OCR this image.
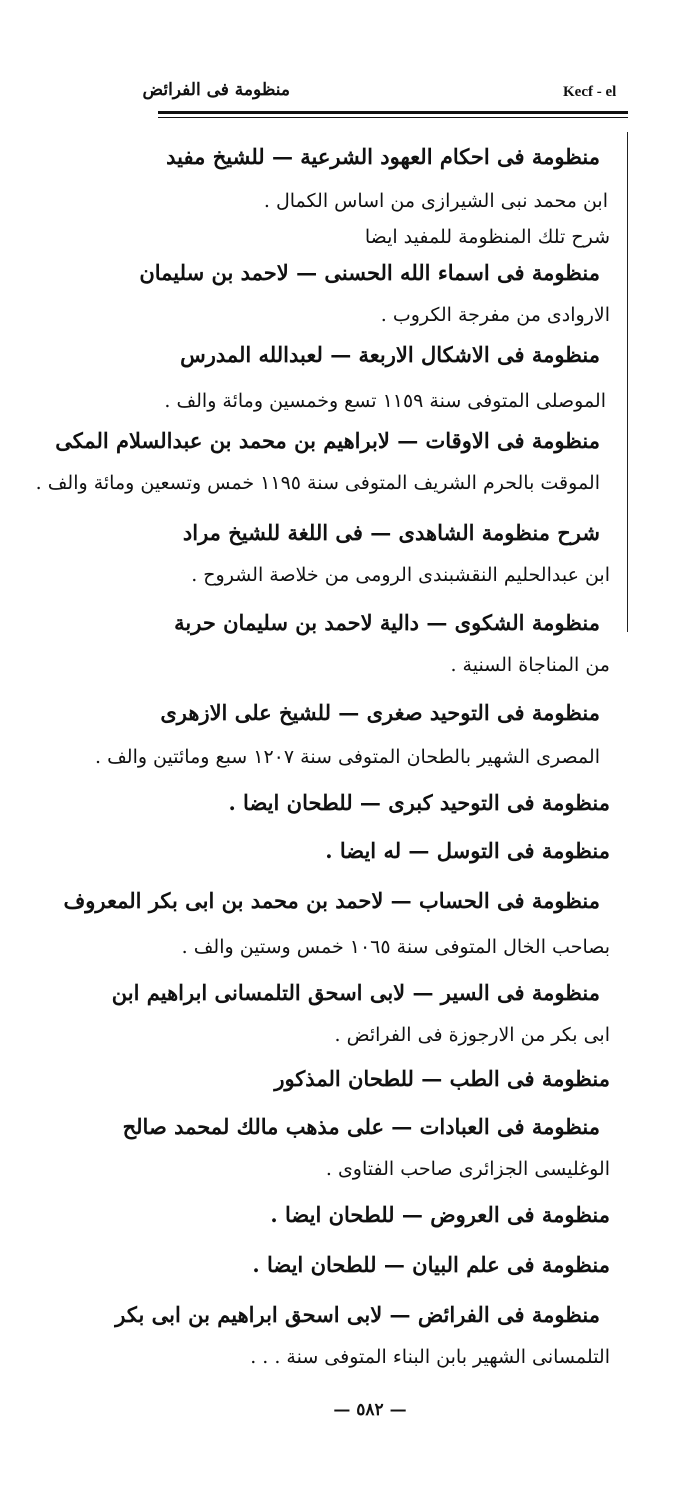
Kecf - el
منظومة فى الفرائض
منظومة فى احكام العهود الشرعية — للشيخ مفيد
ابن محمد نبى الشيرازى من اساس الكمال .
شرح تلك المنظومة للمفيد ايضا
منظومة فى اسماء الله الحسنى — لاحمد بن سليمان
الاروادى من مفرجة الكروب .
منظومة فى الاشكال الاربعة — لعبدالله المدرس
الموصلى المتوفى سنة ١١٥٩ تسع وخمسين ومائة والف .
منظومة فى الاوقات — لابراهيم بن محمد بن عبدالسلام المكى
الموقت بالحرم الشريف المتوفى سنة ١١٩٥ خمس وتسعين ومائة والف .
شرح منظومة الشاهدى — فى اللغة للشيخ مراد
ابن عبدالحليم النقشبندى الرومى من خلاصة الشروح .
منظومة الشكوى — دالية لاحمد بن سليمان حربة
من المناجاة السنية .
منظومة فى التوحيد صغرى — للشيخ على الازهرى
المصرى الشهير بالطحان المتوفى سنة ١٢٠٧ سبع ومائتين والف .
منظومة فى التوحيد كبرى — للطحان ايضا .
منظومة فى التوسل — له ايضا .
منظومة فى الحساب — لاحمد بن محمد بن ابى بكر المعروف
بصاحب الخال المتوفى سنة ١٠٦٥ خمس وستين والف .
منظومة فى السير — لابى اسحق التلمسانى ابراهيم ابن
ابى بكر من الارجوزة فى الفرائض .
منظومة فى الطب — للطحان المذكور
منظومة فى العبادات — على مذهب مالك لمحمد صالح
الوغليسى الجزائرى صاحب الفتاوى .
منظومة فى العروض — للطحان ايضا .
منظومة فى علم البيان — للطحان ايضا .
منظومة فى الفرائض — لابى اسحق ابراهيم بن ابى بكر
التلمسانى الشهير بابن البناء المتوفى سنة . . .
— ٥٨٢ —
